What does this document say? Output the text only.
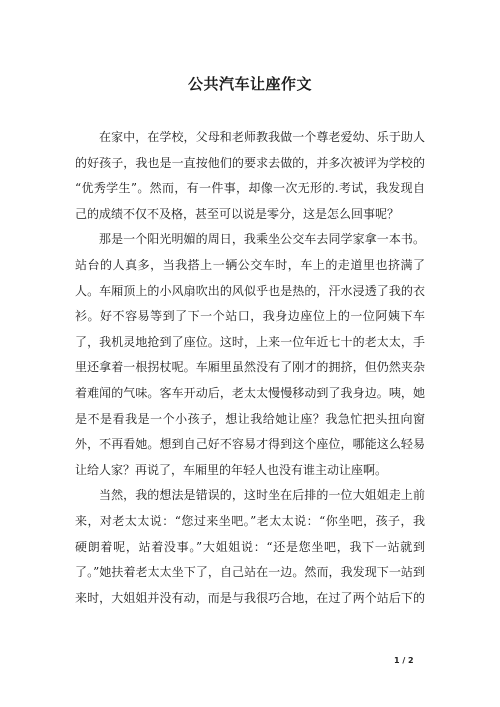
公共汽车让座作文
在家中，在学校，父母和老师教我做一个尊老爱幼、乐于助人
的好孩子，我也是一直按他们的要求去做的，并多次被评为学校的
“优秀学生”。然而，有一件事，却像一次无形的.考试，我发现自
己的成绩不仅不及格，甚至可以说是零分，这是怎么回事呢？
那是一个阳光明媚的周日，我乘坐公交车去同学家拿一本书。
站台的人真多，当我搭上一辆公交车时，车上的走道里也挤满了
人。车厢顶上的小风扇吹出的风似乎也是热的，汗水浸透了我的衣
衫。好不容易等到了下一个站口，我身边座位上的一位阿姨下车
了，我机灵地抢到了座位。这时，上来一位年近七十的老太太，手
里还拿着一根拐杖呢。车厢里虽然没有了刚才的拥挤，但仍然夹杂
着难闻的气味。客车开动后，老太太慢慢移动到了我身边。咦，她
是不是看我是一个小孩子，想让我给她让座？我急忙把头扭向窗
外，不再看她。想到自己好不容易才得到这个座位，哪能这么轻易
让给人家？再说了，车厢里的年轻人也没有谁主动让座啊。
当然，我的想法是错误的，这时坐在后排的一位大姐姐走上前
来，对老太太说：“您过来坐吧。”老太太说：“你坐吧，孩子，我
硬朗着呢，站着没事。”大姐姐说：“还是您坐吧，我下一站就到
了。”她扶着老太太坐下了，自己站在一边。然而，我发现下一站到
来时，大姐姐并没有动，而是与我很巧合地，在过了两个站后下的
1 / 2
